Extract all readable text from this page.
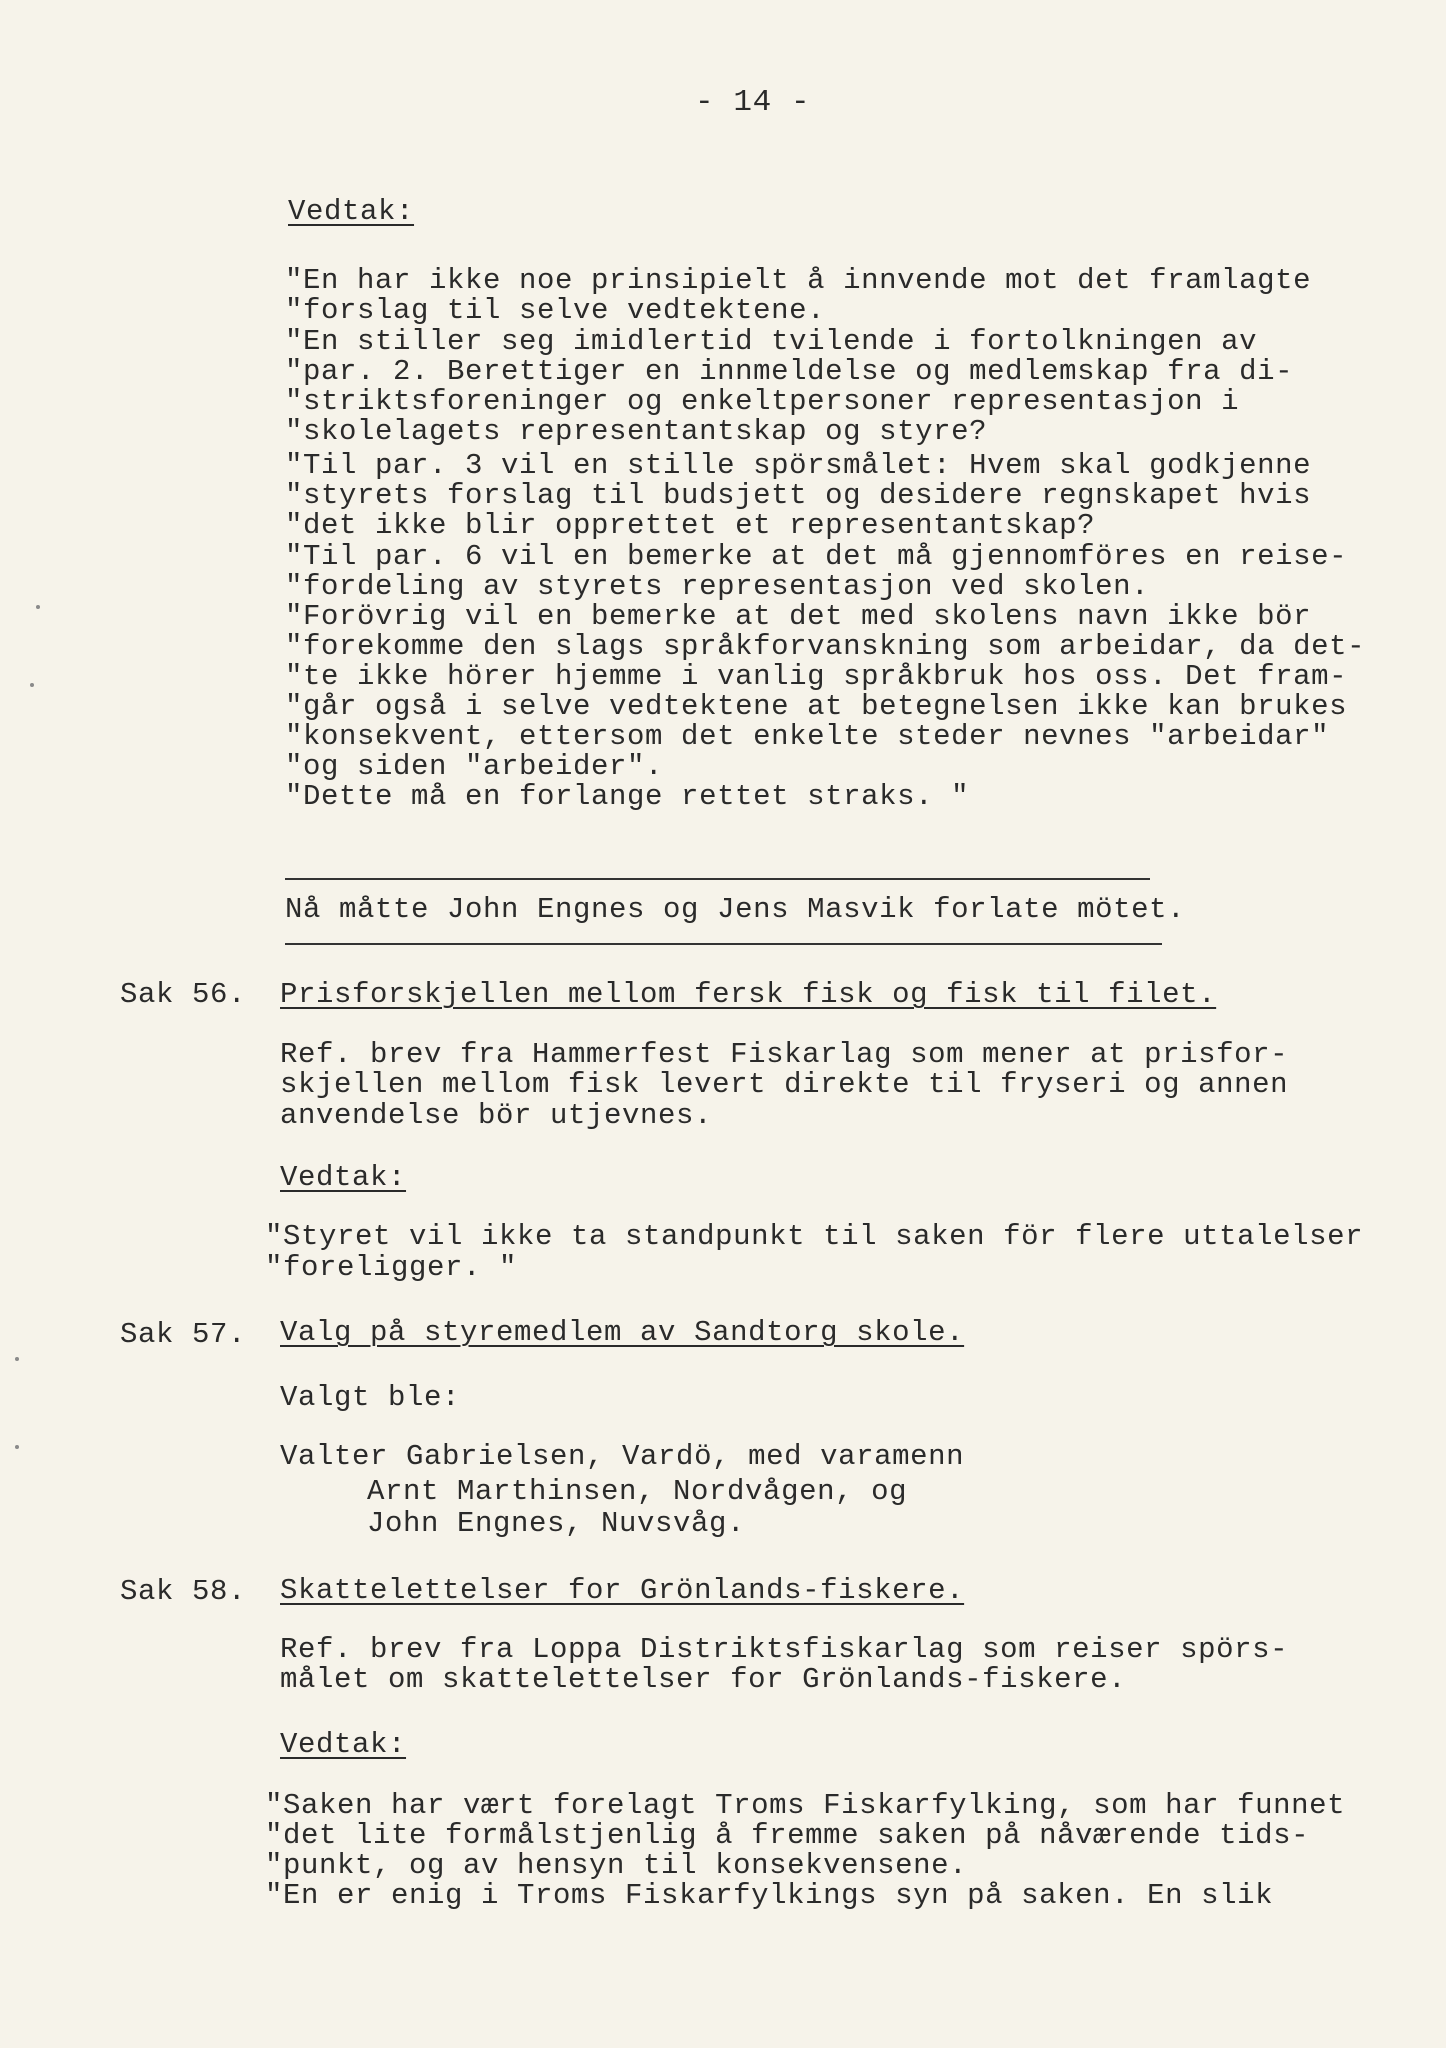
- 14 -
Vedtak:
"En har ikke noe prinsipielt å innvende mot det framlagte
"forslag til selve vedtektene.
"En stiller seg imidlertid tvilende i fortolkningen av
"par. 2. Berettiger en innmeldelse og medlemskap fra di-
"striktsforeninger og enkeltpersoner representasjon i
"skolelagets representantskap og styre?
"Til par. 3 vil en stille spörsmålet: Hvem skal godkjenne
"styrets forslag til budsjett og desidere regnskapet hvis
"det ikke blir opprettet et representantskap?
"Til par. 6 vil en bemerke at det må gjennomföres en reise-
"fordeling av styrets representasjon ved skolen.
"Forövrig vil en bemerke at det med skolens navn ikke bör
"forekomme den slags språkforvanskning som arbeidar, da det-
"te ikke hörer hjemme i vanlig språkbruk hos oss. Det fram-
"går også i selve vedtektene at betegnelsen ikke kan brukes
"konsekvent, ettersom det enkelte steder nevnes "arbeidar"
"og siden "arbeider".
"Dette må en forlange rettet straks. "
Nå måtte John Engnes og Jens Masvik forlate mötet.
Sak 56. Prisforskjellen mellom fersk fisk og fisk til filet.
Ref. brev fra Hammerfest Fiskarlag som mener at prisfor-
skjellen mellom fisk levert direkte til fryseri og annen
anvendelse bör utjevnes.
Vedtak:
"Styret vil ikke ta standpunkt til saken för flere uttalelser
"foreligger. "
Sak 57. Valg på styremedlem av Sandtorg skole.
Valgt ble:
Valter Gabrielsen, Vardö, med varamenn
Arnt Marthinsen, Nordvågen, og
John Engnes, Nuvsvåg.
Sak 58. Skattelettelser for Grönlands-fiskere.
Ref. brev fra Loppa Distriktsfiskarlag som reiser spörs-
målet om skattelettelser for Grönlands-fiskere.
Vedtak:
"Saken har vært forelagt Troms Fiskarfylking, som har funnet
"det lite formålstjenlig å fremme saken på nåværende tids-
"punkt, og av hensyn til konsekvensene.
"En er enig i Troms Fiskarfylkings syn på saken. En slik
